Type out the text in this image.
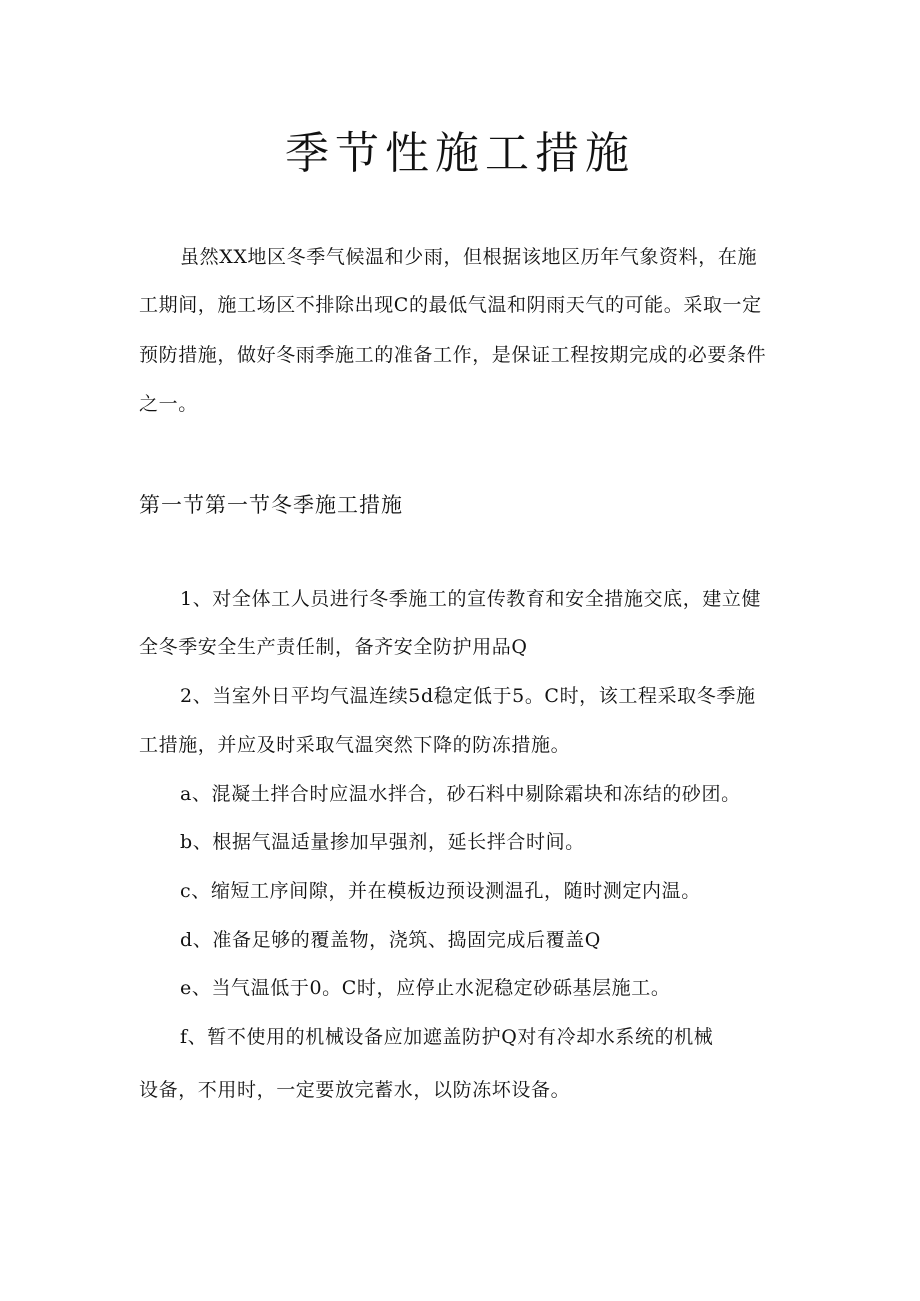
季节性施工措施

虽然XX地区冬季气候温和少雨，但根据该地区历年气象资料，在施

工期间，施工场区不排除出现C的最低气温和阴雨天气的可能。采取一定

预防措施，做好冬雨季施工的准备工作，是保证工程按期完成的必要条件

之一。

第一节第一节冬季施工措施

1、对全体工人员进行冬季施工的宣传教育和安全措施交底，建立健

全冬季安全生产责任制，备齐安全防护用品Q

2、当室外日平均气温连续5d稳定低于5。C时，该工程采取冬季施

工措施，并应及时采取气温突然下降的防冻措施。

a、混凝土拌合时应温水拌合，砂石料中剔除霜块和冻结的砂团。

b、根据气温适量掺加早强剂，延长拌合时间。

c、缩短工序间隙，并在模板边预设测温孔，随时测定内温。

d、准备足够的覆盖物，浇筑、捣固完成后覆盖Q

e、当气温低于0。C时，应停止水泥稳定砂砾基层施工。

f、暂不使用的机械设备应加遮盖防护Q对有冷却水系统的机械

设备，不用时，一定要放完蓄水，以防冻坏设备。
